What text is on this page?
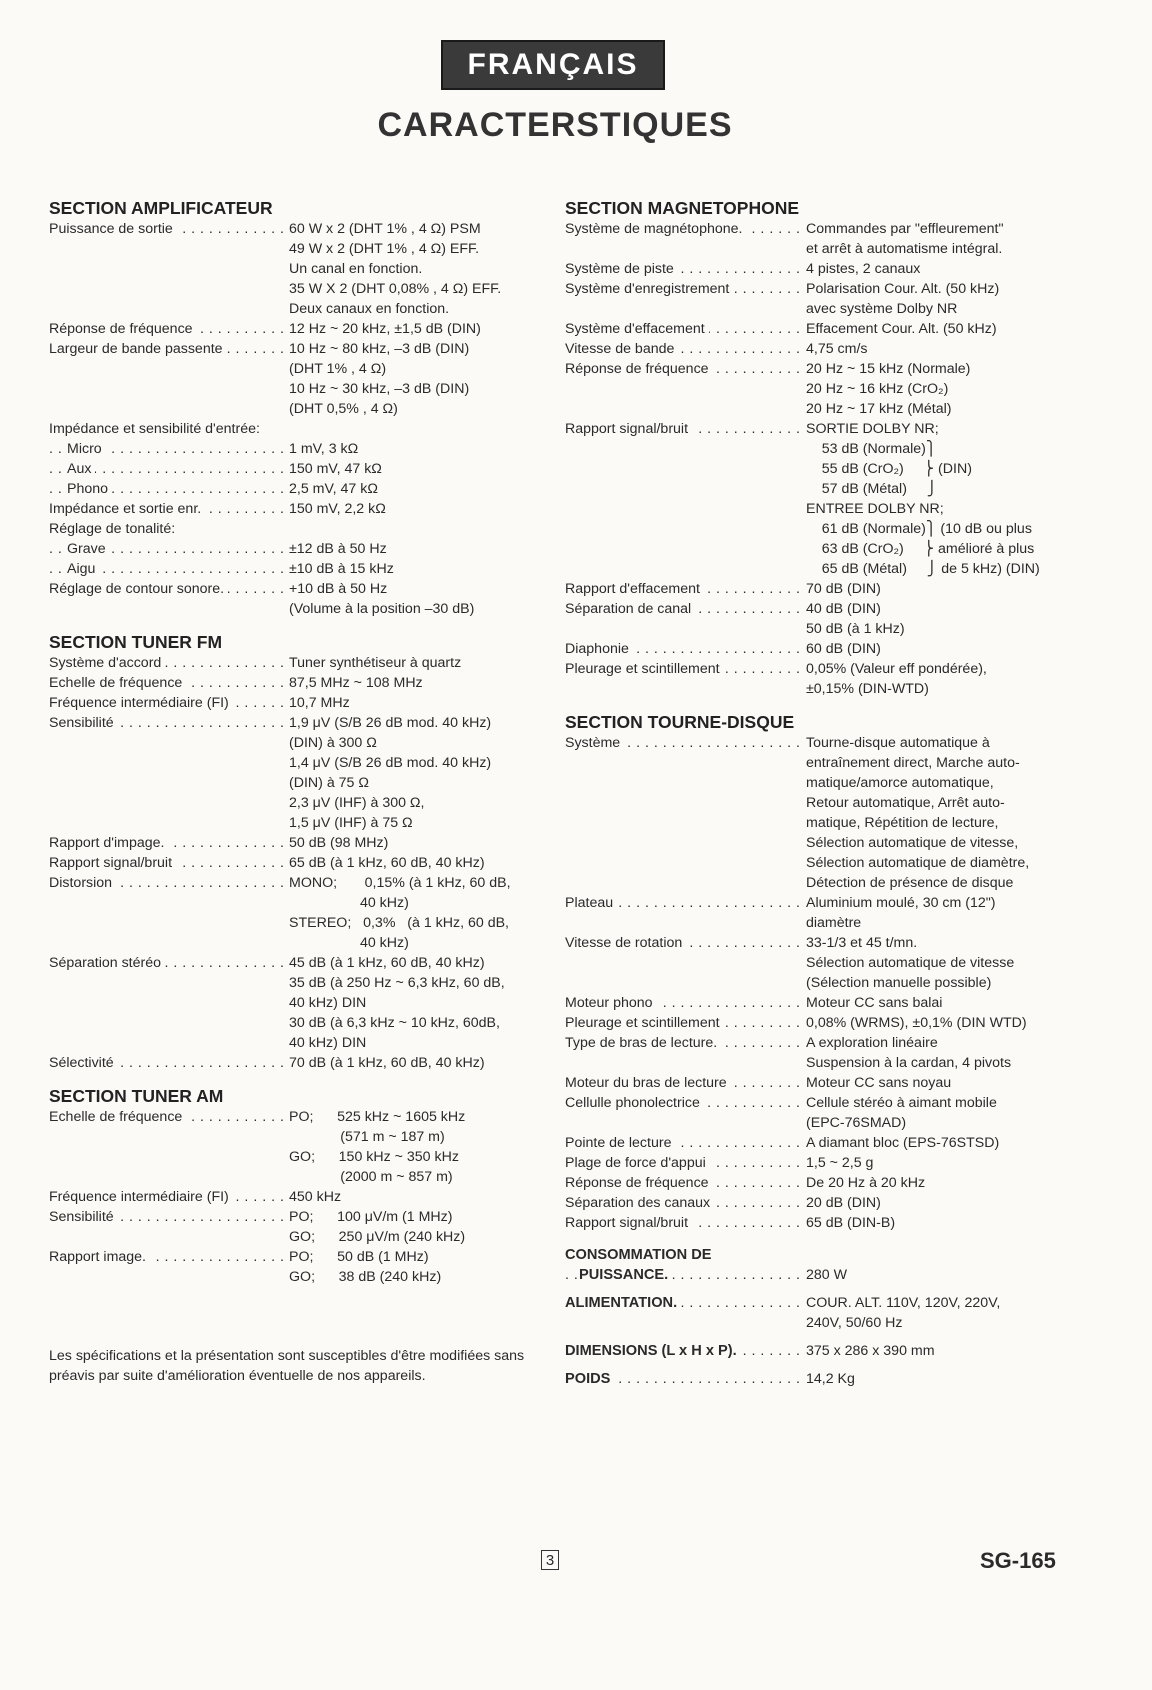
FRANÇAIS
CARACTERSTIQUES
SECTION AMPLIFICATEUR
Puissance de sortie . . .	60 W x 2 (DHT 1% , 4 Ω) PSM
49 W x 2 (DHT 1% , 4 Ω) EFF.
Un canal en fonction.
35 W X 2 (DHT 0,08% , 4 Ω) EFF.
Deux canaux en fonction.
Réponse de fréquence . . .	12 Hz ~ 20 kHz, ±1,5 dB (DIN)
Largeur de bande passente . . .	10 Hz ~ 80 kHz, –3 dB (DIN)
(DHT 1% , 4 Ω)
10 Hz ~ 30 kHz, –3 dB (DIN)
(DHT 0,5% , 4 Ω)
Impédance et sensibilité d'entrée:
Micro . . .	1 mV, 3 kΩ
Aux . . .	150 mV, 47 kΩ
Phono . . .	2,5 mV, 47 kΩ
Impédance et sortie enr. . . .	150 mV, 2,2 kΩ
Réglage de tonalité:
Grave . . .	±12 dB à 50 Hz
Aigu . . .	±10 dB à 15 kHz
Réglage de contour sonore. . . .	+10 dB à 50 Hz
(Volume à la position –30 dB)
SECTION TUNER FM
Système d'accord . . .	Tuner synthétiseur à quartz
Echelle de fréquence . . .	87,5 MHz ~ 108 MHz
Fréquence intermédiaire (FI) . . .	10,7 MHz
Sensibilité . . .	1,9 μV (S/B 26 dB mod. 40 kHz)
(DIN) à 300 Ω
1,4 μV (S/B 26 dB mod. 40 kHz)
(DIN) à 75 Ω
2,3 μV (IHF) à 300 Ω,
1,5 μV (IHF) à 75 Ω
Rapport d'impage. . . .	50 dB (98 MHz)
Rapport signal/bruit . . .	65 dB (à 1 kHz, 60 dB, 40 kHz)
Distorsion . . .	MONO;       0,15% (à 1 kHz, 60 dB,
40 kHz)
STEREO;   0,3%   (à 1 kHz, 60 dB,
40 kHz)
Séparation stéréo . . .	45 dB (à 1 kHz, 60 dB, 40 kHz)
35 dB (à 250 Hz ~ 6,3 kHz, 60 dB,
40 kHz) DIN
30 dB (à 6,3 kHz ~ 10 kHz, 60dB,
40 kHz) DIN
Sélectivité . . .	70 dB (à 1 kHz, 60 dB, 40 kHz)
SECTION TUNER AM
Echelle de fréquence . . .	PO;      525 kHz ~ 1605 kHz
(571 m ~ 187 m)
GO;      150 kHz ~ 350 kHz
(2000 m ~ 857 m)
Fréquence intermédiaire (FI) . . .	450 kHz
Sensibilité . . .	PO;      100 μV/m (1 MHz)
GO;      250 μV/m (240 kHz)
Rapport image. . . .	PO;      50 dB (1 MHz)
GO;      38 dB (240 kHz)
SECTION MAGNETOPHONE
Système de magnétophone. . . .	Commandes par "effleurement"
et arrêt à automatisme intégral.
Système de piste . . .	4 pistes, 2 canaux
Système d'enregistrement . . .	Polarisation Cour. Alt. (50 kHz)
avec système Dolby NR
Système d'effacement . . .	Effacement Cour. Alt. (50 kHz)
Vitesse de bande . . .	4,75 cm/s
Réponse de fréquence . . .	20 Hz ~ 15 kHz (Normale)
20 Hz ~ 16 kHz (CrO₂)
20 Hz ~ 17 kHz (Métal)
Rapport signal/bruit . . .	SORTIE DOLBY NR;
53 dB (Normale)⎫
55 dB (CrO₂)     ⎬ (DIN)
57 dB (Métal)     ⎭
ENTREE DOLBY NR;
61 dB (Normale)⎫ (10 dB ou plus
63 dB (CrO₂)     ⎬ amélioré à plus
65 dB (Métal)     ⎭ de 5 kHz) (DIN)
Rapport d'effacement . . .	70 dB (DIN)
Séparation de canal . . .	40 dB (DIN)
50 dB (à 1 kHz)
Diaphonie . . .	60 dB (DIN)
Pleurage et scintillement . . .	0,05% (Valeur eff pondérée),
±0,15% (DIN-WTD)
SECTION TOURNE-DISQUE
Système . . .	Tourne-disque automatique à
entraînement direct, Marche auto-
matique/amorce automatique,
Retour automatique, Arrêt auto-
matique, Répétition de lecture,
Sélection automatique de vitesse,
Sélection automatique de diamètre,
Détection de présence de disque
Plateau . . .	Aluminium moulé, 30 cm (12")
diamètre
Vitesse de rotation . . .	33-1/3 et 45 t/mn.
Sélection automatique de vitesse
(Sélection manuelle possible)
Moteur phono . . .	Moteur CC sans balai
Pleurage et scintillement . . .	0,08% (WRMS), ±0,1% (DIN WTD)
Type de bras de lecture. . . .	A exploration linéaire
Suspension à la cardan, 4 pivots
Moteur du bras de lecture . . .	Moteur CC sans noyau
Cellulle phonolectrice . . .	Cellule stéréo à aimant mobile
(EPC-76SMAD)
Pointe de lecture . . .	A diamant bloc (EPS-76STSD)
Plage de force d'appui . . .	1,5 ~ 2,5 g
Réponse de fréquence . . .	De 20 Hz à 20 kHz
Séparation des canaux . . .	20 dB (DIN)
Rapport signal/bruit . . .	65 dB (DIN-B)
CONSOMMATION DE
PUISSANCE. . . .	280 W
ALIMENTATION. . . .	COUR. ALT. 110V, 120V, 220V,
240V, 50/60 Hz
DIMENSIONS (L x H x P). . . .	375 x 286 x 390 mm
POIDS . . .	14,2 Kg
Les spécifications et la présentation sont susceptibles d'être modifiées sans préavis par suite d'amélioration éventuelle de nos appareils.
3	SG-165
